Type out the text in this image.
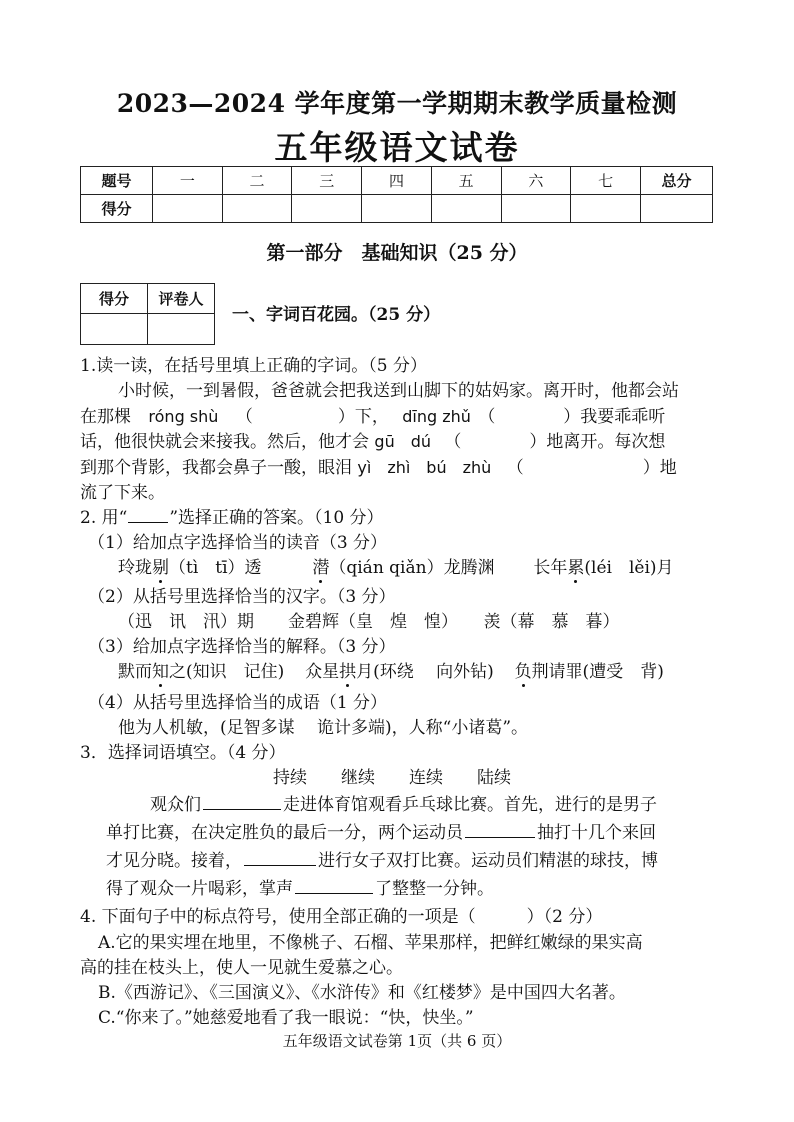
2023—2024 学年度第一学期期末教学质量检测
五年级语文试卷
题号	一	二	三	四	五	六	七	总分
得分								
第一部分　基础知识（25 分）
得分	评卷人

一、字词百花园。（25 分）
1.读一读，在括号里填上正确的字词。（5 分）
小时候，一到暑假，爸爸就会把我送到山脚下的姑妈家。离开时，他都会站
在那棵 róng shù （　　　　　）下， dīng zhǔ （　　　　）我要乖乖听
话，他很快就会来接我。然后，他才会 gū　dú （　　　　）地离开。每次想
到那个背影，我都会鼻子一酸，眼泪 yì　zhì　bú　zhù （　　　　　　　）地
流了下来。
2. 用“ ”选择正确的答案。（10 分）
（1）给加点字选择恰当的读音（3 分）
玲珑剔（tì　tī）透	潜（qián qiǎn）龙腾渊 长年累(léi　lěi)月
（2）从括号里选择恰当的汉字。（3 分）
（迅　讯　汛）期　　金碧辉（皇　煌　惶）　　羡（幕　慕　暮）
（3）给加点字选择恰当的解释。（3 分）
默而知之(知识　记住) 众星拱月(环绕　 向外钻) 负荆请罪(遭受　背)
（4）从括号里选择恰当的成语（1 分）
他为人机敏，(足智多谋　 诡计多端)，人称“小诸葛”。
3．选择词语填空。（4 分）
持续　　继续　　连续　　陆续
观众们	走进体育馆观看乒乓球比赛。首先，进行的是男子
单打比赛，在决定胜负的最后一分，两个运动员	抽打十几个来回
才见分晓。接着，	进行女子双打比赛。运动员们精湛的球技，博
得了观众一片喝彩，掌声	了整整一分钟。
4. 下面句子中的标点符号，使用全部正确的一项是（　　　）（2 分）
A.它的果实埋在地里，不像桃子、石榴、苹果那样，把鲜红嫩绿的果实高
高的挂在枝头上，使人一见就生爱慕之心。
B.《西游记》、《三国演义》、《水浒传》和《红楼梦》是中国四大名著。
C.“你来了。”她慈爱地看了我一眼说：“快，快坐。”
五年级语文试卷第 1页（共 6 页）
